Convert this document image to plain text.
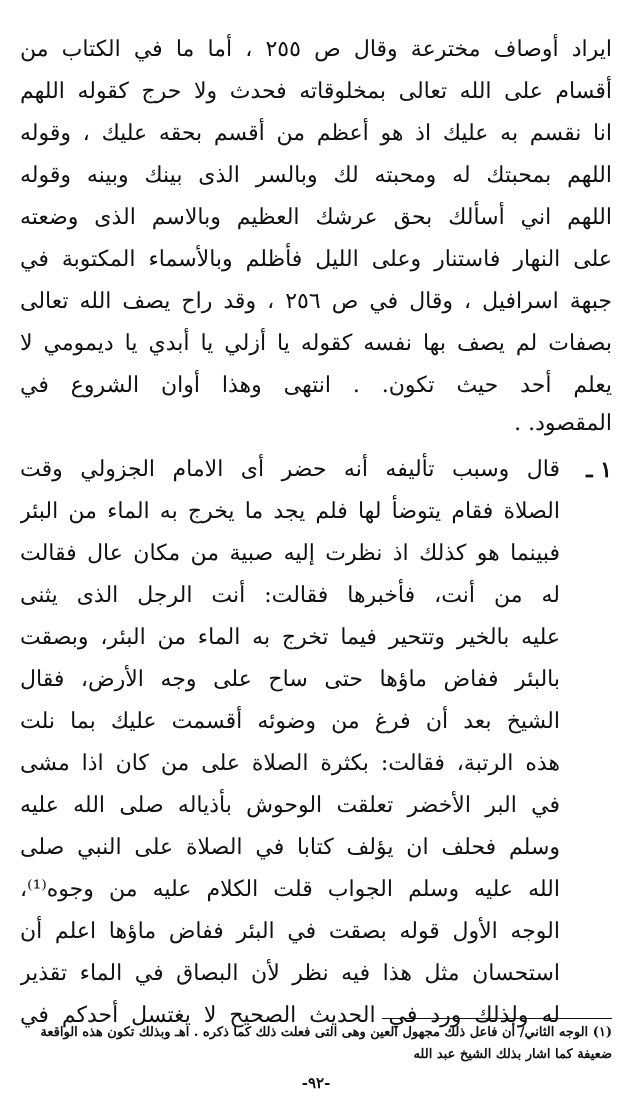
ايراد أوصاف مخترعة وقال ص ٢٥٥ ، أما ما في الكتاب من
أقسام على الله تعالى بمخلوقاته فحدث ولا حرج كقوله اللهم
انا نقسم به عليك اذ هو أعظم من أقسم بحقه عليك ، وقوله
اللهم بمحبتك له ومحبته لك وبالسر الذى بينك وبينه وقوله
اللهم اني أسألك بحق عرشك العظيم وبالاسم الذى وضعته
على النهار فاستنار وعلى الليل فأظلم وبالأسماء المكتوبة في
جبهة اسرافيل ، وقال في ص ٢٥٦ ، وقد راح يصف الله تعالى
بصفات لم يصف بها نفسه كقوله يا أزلي يا أبدي يا ديمومي لا
يعلم أحد حيث تكون. . انتهى وهذا أوان الشروع في
المقصود. .
١ ـ
قال وسبب تأليفه أنه حضر أى الامام الجزولي وقت
الصلاة فقام يتوضأ لها فلم يجد ما يخرج به الماء من البئر
فبينما هو كذلك اذ نظرت إليه صبية من مكان عال فقالت
له من أنت، فأخبرها فقالت: أنت الرجل الذى يثنى
عليه بالخير وتتحير فيما تخرج به الماء من البئر، وبصقت
بالبئر ففاض ماؤها حتى ساح على وجه الأرض، فقال
الشيخ بعد أن فرغ من وضوئه أقسمت عليك بما نلت
هذه الرتبة، فقالت: بكثرة الصلاة على من كان اذا مشى
في البر الأخضر تعلقت الوحوش بأذياله صلى الله عليه
وسلم فحلف ان يؤلف كتابا في الصلاة على النبي صلى
الله عليه وسلم الجواب قلت الكلام عليه من وجوه⁽¹⁾،
الوجه الأول قوله بصقت في البئر ففاض ماؤها اعلم أن
استحسان مثل هذا فيه نظر لأن البصاق في الماء تقذير
له ولذلك ورد في الحديث الصحيح لا يغتسل أحدكم في
(١) الوجه الثاني/ أن فاعل ذلك مجهول العين وهى التى فعلت ذلك كما ذكره . اهـ وبذلك تكون هذه الواقعة
ضعيفة كما اشار بذلك الشيخ عبد الله
-٩٢-
